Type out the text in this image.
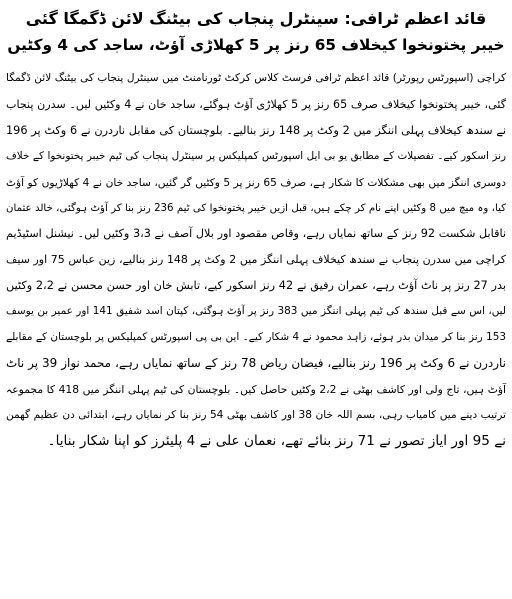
قائد اعظم ٹرافی: سینٹرل پنجاب کی بیٹنگ لائن ڈگمگا گئی
خیبر پختونخوا کیخلاف 65 رنز پر 5 کھلاڑی آؤٹ، ساجد کی 4 وکٹیں
کراچی (اسپورٹس رپورٹر) قائد اعظم ٹرافی فرسٹ کلاس کرکٹ ٹورنامنٹ میں سینٹرل پنجاب کی بیٹنگ لائن ڈگمگا
گئی، خیبر پختونخوا کیخلاف صرف 65 رنز پر 5 کھلاڑی آؤٹ ہوگئے، ساجد خان نے 4 وکٹیں لیں۔ سدرن پنجاب
نے سندھ کیخلاف پہلی اننگز میں 2 وکٹ پر 148 رنز بنالیے۔ بلوچستان کی مقابل ناردرن نے 6 وکٹ پر 196
رنز اسکور کیے۔ تفصیلات کے مطابق یو بی ایل اسپورٹس کمپلیکس پر سینٹرل پنجاب کی ٹیم خیبر پختونخوا کے خلاف
دوسری اننگز میں بھی مشکلات کا شکار ہے، صرف 65 رنز پر 5 وکٹیں گر گئیں، ساجد خان نے 4 کھلاڑیوں کو آؤٹ
کیا، وہ میچ میں 8 وکٹیں اپنے نام کر چکے ہیں، قبل ازیں خیبر پختونخوا کی ٹیم 236 رنز بنا کر آؤٹ ہوگئی، خالد عثمان
ناقابل شکست 92 رنز کے ساتھ نمایاں رہے، وقاص مقصود اور بلال آصف نے 3،3 وکٹیں لیں۔ نیشنل اسٹیڈیم
کراچی میں سدرن پنجاب نے سندھ کیخلاف پہلی اننگز میں 2 وکٹ پر 148 رنز بنالیے، زین عباس 75 اور سیف
بدر 27 رنز پر ناٹ آؤٹ رہے، عمران رفیق نے 42 رنز اسکور کیے، تابش خان اور حسن محسن نے 2،2 وکٹیں
لیں، اس سے قبل سندھ کی ٹیم پہلی اننگز میں 383 رنز پر آؤٹ ہوگئی، کپتان اسد شفیق 141 اور عمیر بن یوسف
153 رنز بنا کر میدان بدر ہوئے، زاہد محمود نے 4 شکار کیے۔ این بی پی اسپورٹس کمپلیکس پر بلوچستان کے مقابلے
ناردرن نے 6 وکٹ پر 196 رنز بنالیے، فیضان ریاض 78 رنز کے ساتھ نمایاں رہے، محمد نواز 39 پر ناٹ
آؤٹ ہیں، تاج ولی اور کاشف بھٹی نے 2،2 وکٹیں حاصل کیں۔ بلوچستان کی ٹیم پہلی اننگز میں 418 کا مجموعہ
ترتیب دینے میں کامیاب رہی، بسم اللہ خان 38 اور کاشف بھٹی 54 رنز بنا کر نمایاں رہے، ابتدائی دن عظیم گھمن
نے 95 اور ایاز تصور نے 71 رنز بنائے تھے، نعمان علی نے 4 پلیئرز کو اپنا شکار بنایا۔
